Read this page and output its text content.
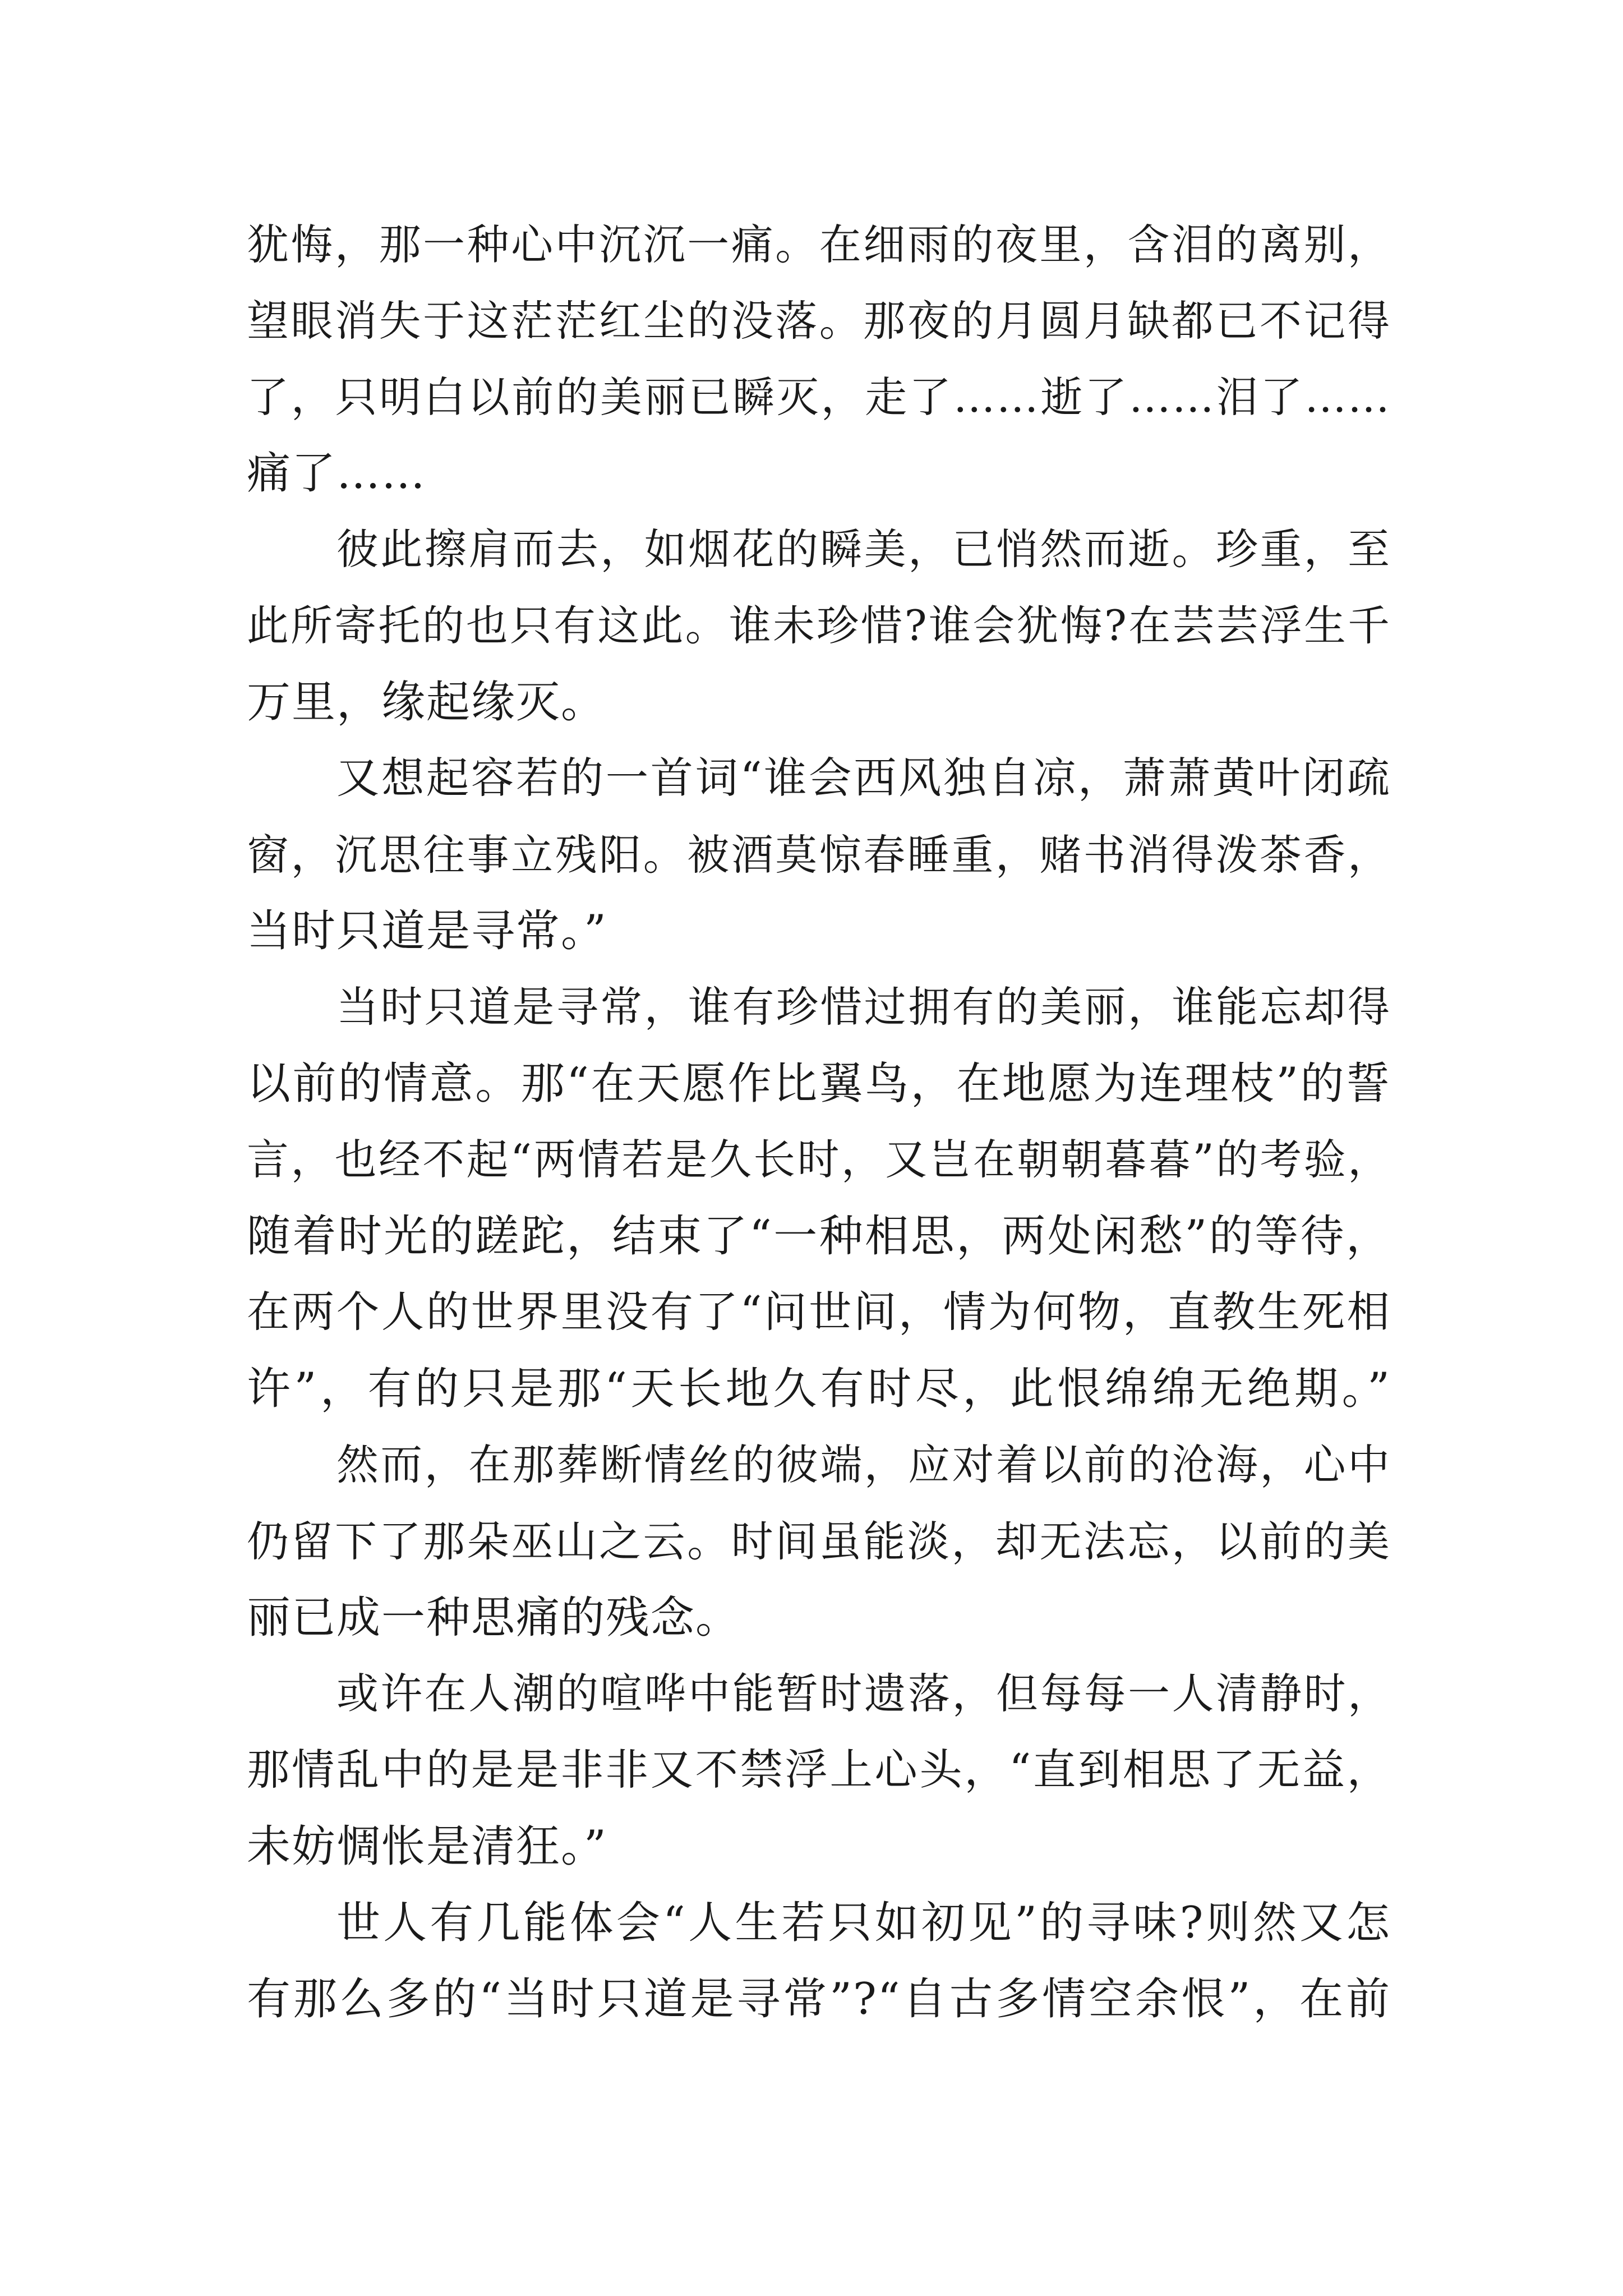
犹悔，那一种心中沉沉一痛。在细雨的夜里，含泪的离别，
望眼消失于这茫茫红尘的没落。那夜的月圆月缺都已不记得
了，只明白以前的美丽已瞬灭，走了……逝了……泪了……
痛了……
彼此擦肩而去，如烟花的瞬美，已悄然而逝。珍重，至
此所寄托的也只有这此。谁未珍惜?谁会犹悔?在芸芸浮生千
万里，缘起缘灭。
又想起容若的一首词“谁会西风独自凉，萧萧黄叶闭疏
窗，沉思往事立残阳。被酒莫惊春睡重，赌书消得泼茶香，
当时只道是寻常。”
当时只道是寻常，谁有珍惜过拥有的美丽，谁能忘却得
以前的情意。那“在天愿作比翼鸟，在地愿为连理枝”的誓
言，也经不起“两情若是久长时，又岂在朝朝暮暮”的考验，
随着时光的蹉跎，结束了“一种相思，两处闲愁”的等待，
在两个人的世界里没有了“问世间，情为何物，直教生死相
许”，有的只是那“天长地久有时尽，此恨绵绵无绝期。”
然而，在那葬断情丝的彼端，应对着以前的沧海，心中
仍留下了那朵巫山之云。时间虽能淡，却无法忘，以前的美
丽已成一种思痛的残念。
或许在人潮的喧哗中能暂时遗落，但每每一人清静时，
那情乱中的是是非非又不禁浮上心头，“直到相思了无益，
未妨惆怅是清狂。”
世人有几能体会“人生若只如初见”的寻味?则然又怎
有那么多的“当时只道是寻常”?“自古多情空余恨”，在前
